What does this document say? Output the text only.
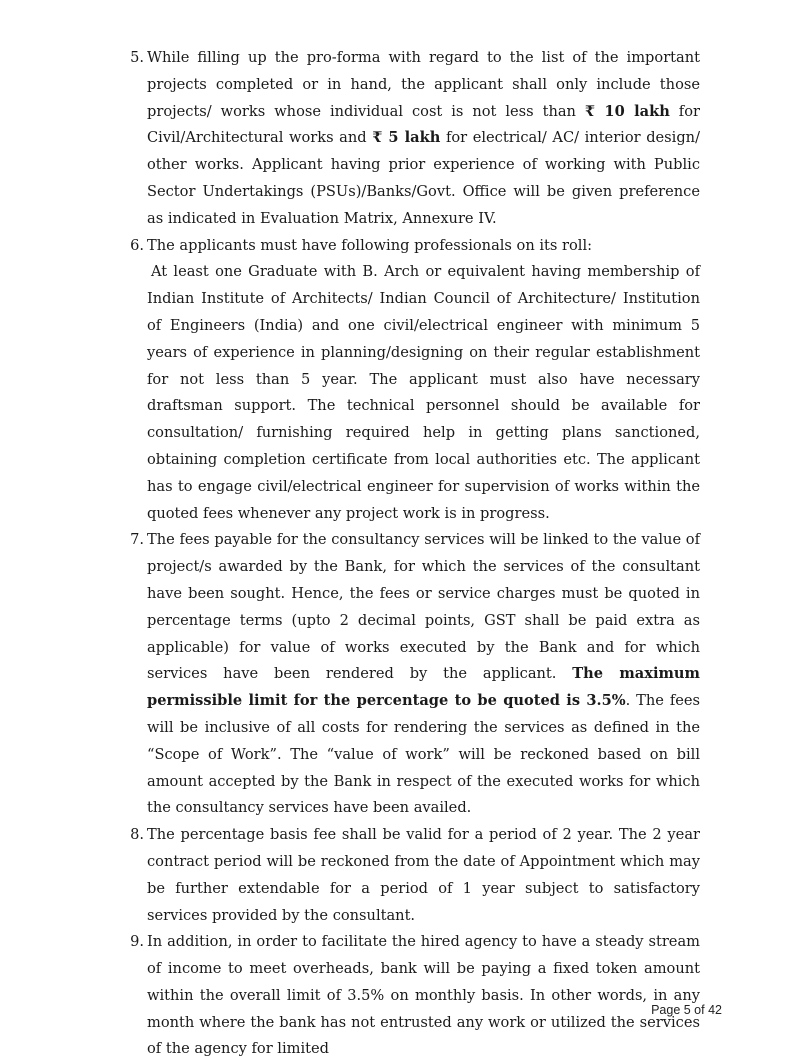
5. While filling up the pro-forma with regard to the list of the important projects completed or in hand, the applicant shall only include those projects/ works whose individual cost is not less than ₹ 10 lakh for Civil/Architectural works and ₹ 5 lakh for electrical/ AC/ interior design/ other works. Applicant having prior experience of working with Public Sector Undertakings (PSUs)/Banks/Govt. Office will be given preference as indicated in Evaluation Matrix, Annexure IV.
6. The applicants must have following professionals on its roll:
At least one Graduate with B. Arch or equivalent having membership of Indian Institute of Architects/ Indian Council of Architecture/ Institution of Engineers (India) and one civil/electrical engineer with minimum 5 years of experience in planning/designing on their regular establishment for not less than 5 year. The applicant must also have necessary draftsman support. The technical personnel should be available for consultation/ furnishing required help in getting plans sanctioned, obtaining completion certificate from local authorities etc. The applicant has to engage civil/electrical engineer for supervision of works within the quoted fees whenever any project work is in progress.
7. The fees payable for the consultancy services will be linked to the value of project/s awarded by the Bank, for which the services of the consultant have been sought. Hence, the fees or service charges must be quoted in percentage terms (upto 2 decimal points, GST shall be paid extra as applicable) for value of works executed by the Bank and for which services have been rendered by the applicant. The maximum permissible limit for the percentage to be quoted is 3.5%. The fees will be inclusive of all costs for rendering the services as defined in the “Scope of Work”. The “value of work” will be reckoned based on bill amount accepted by the Bank in respect of the executed works for which the consultancy services have been availed.
8. The percentage basis fee shall be valid for a period of 2 year. The 2 year contract period will be reckoned from the date of Appointment which may be further extendable for a period of 1 year subject to satisfactory services provided by the consultant.
9. In addition, in order to facilitate the hired agency to have a steady stream of income to meet overheads, bank will be paying a fixed token amount within the overall limit of 3.5% on monthly basis. In other words, in any month where the bank has not entrusted any work or utilized the services of the agency for limited
Page 5 of 42
